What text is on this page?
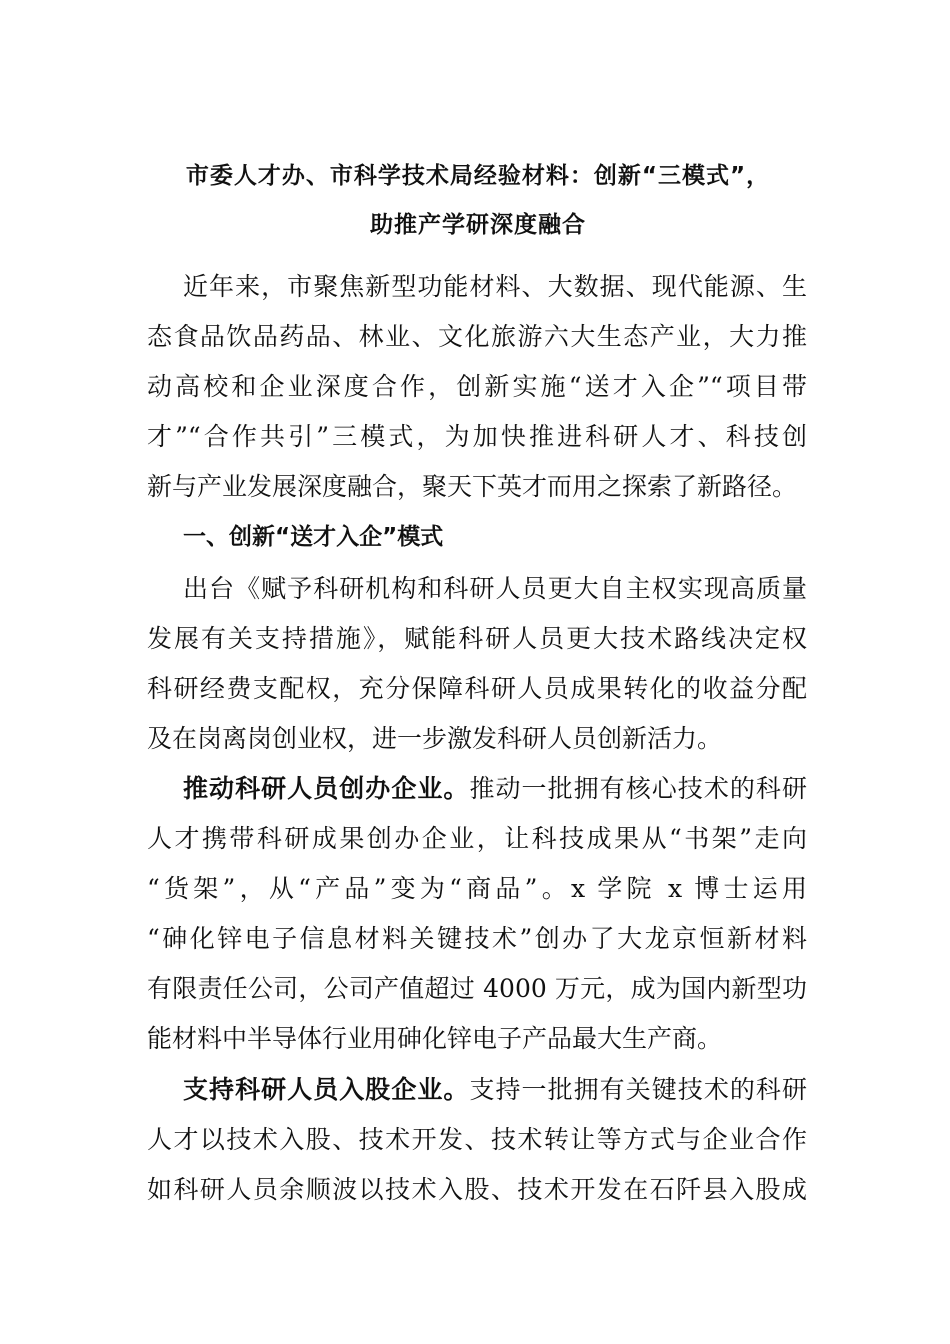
市委人才办、市科学技术局经验材料：创新“三模式”，
助推产学研深度融合
近年来，市聚焦新型功能材料、大数据、现代能源、生
态食品饮品药品、林业、文化旅游六大生态产业，大力推
动高校和企业深度合作，创新实施“送才入企”“项目带
才”“合作共引”三模式，为加快推进科研人才、科技创
新与产业发展深度融合，聚天下英才而用之探索了新路径。
一、创新“送才入企”模式
出台《赋予科研机构和科研人员更大自主权实现高质量
发展有关支持措施》，赋能科研人员更大技术路线决定权
科研经费支配权，充分保障科研人员成果转化的收益分配
及在岗离岗创业权，进一步激发科研人员创新活力。
推动科研人员创办企业。推动一批拥有核心技术的科研
人才携带科研成果创办企业，让科技成果从“书架”走向
“货架”，从“产品”变为“商品”。x 学院 x 博士运用
“砷化锌电子信息材料关键技术”创办了大龙京恒新材料
有限责任公司，公司产值超过 4000 万元，成为国内新型功
能材料中半导体行业用砷化锌电子产品最大生产商。
支持科研人员入股企业。支持一批拥有关键技术的科研
人才以技术入股、技术开发、技术转让等方式与企业合作
如科研人员余顺波以技术入股、技术开发在石阡县入股成
